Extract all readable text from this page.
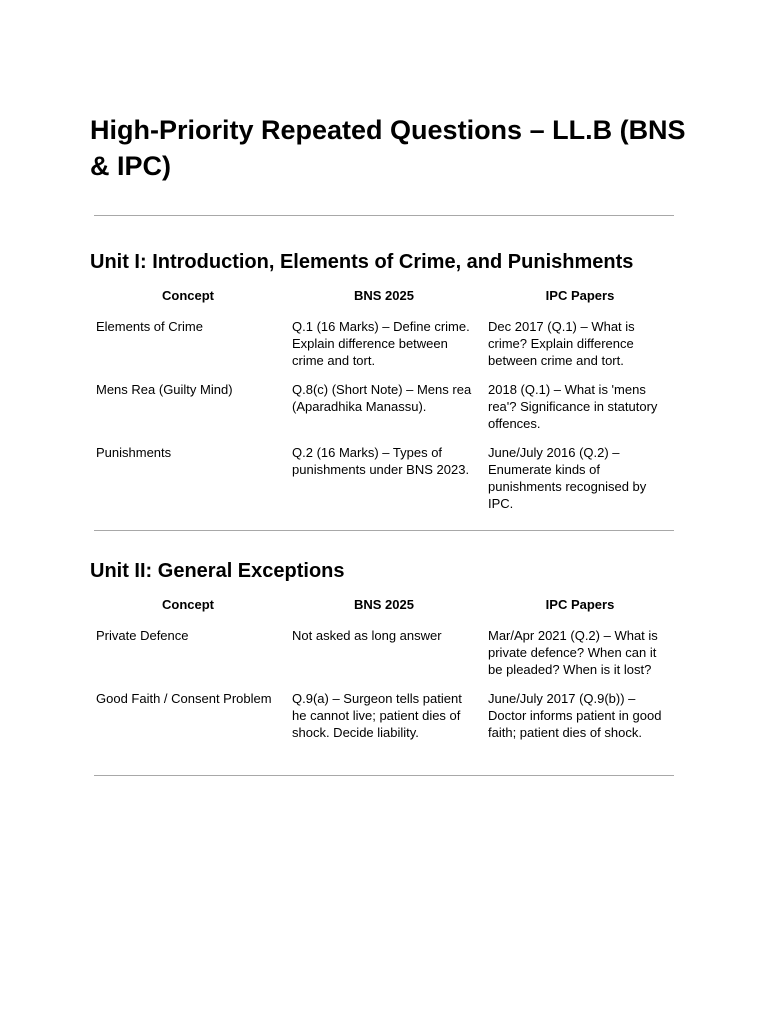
High-Priority Repeated Questions – LL.B (BNS & IPC)
Unit I: Introduction, Elements of Crime, and Punishments
Concept	BNS 2025	IPC Papers
Elements of Crime	Q.1 (16 Marks) – Define crime. Explain difference between crime and tort.	Dec 2017 (Q.1) – What is crime? Explain difference between crime and tort.
Mens Rea (Guilty Mind)	Q.8(c) (Short Note) – Mens rea (Aparadhika Manassu).	2018 (Q.1) – What is 'mens rea'? Significance in statutory offences.
Punishments	Q.2 (16 Marks) – Types of punishments under BNS 2023.	June/July 2016 (Q.2) – Enumerate kinds of punishments recognised by IPC.
Unit II: General Exceptions
Concept	BNS 2025	IPC Papers
Private Defence	Not asked as long answer	Mar/Apr 2021 (Q.2) – What is private defence? When can it be pleaded? When is it lost?
Good Faith / Consent Problem	Q.9(a) – Surgeon tells patient he cannot live; patient dies of shock. Decide liability.	June/July 2017 (Q.9(b)) – Doctor informs patient in good faith; patient dies of shock.
